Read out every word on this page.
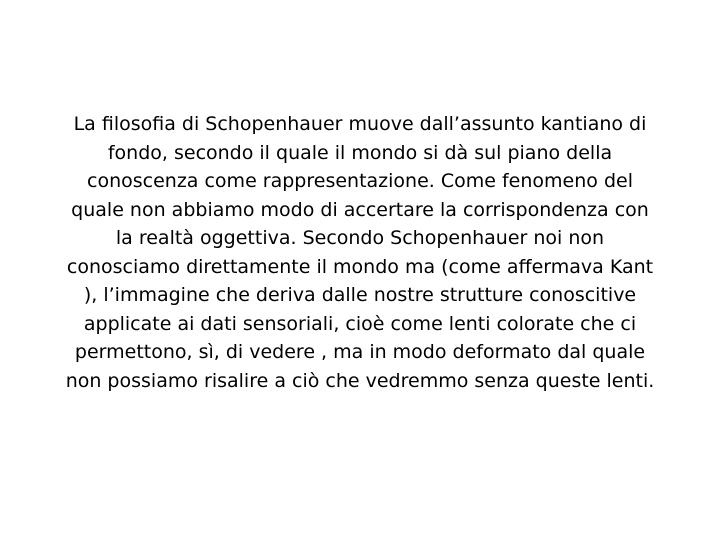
La filosofia di Schopenhauer muove dall’assunto kantiano di
fondo, secondo il quale il mondo si dà sul piano della
conoscenza come rappresentazione. Come fenomeno del
quale non abbiamo modo di accertare la corrispondenza con
la realtà oggettiva. Secondo Schopenhauer noi non
conosciamo direttamente il mondo ma (come affermava Kant
), l’immagine che deriva dalle nostre strutture conoscitive
applicate ai dati sensoriali, cioè come lenti colorate che ci
permettono, sì, di vedere , ma in modo deformato dal quale
non possiamo risalire a ciò che vedremmo senza queste lenti.
